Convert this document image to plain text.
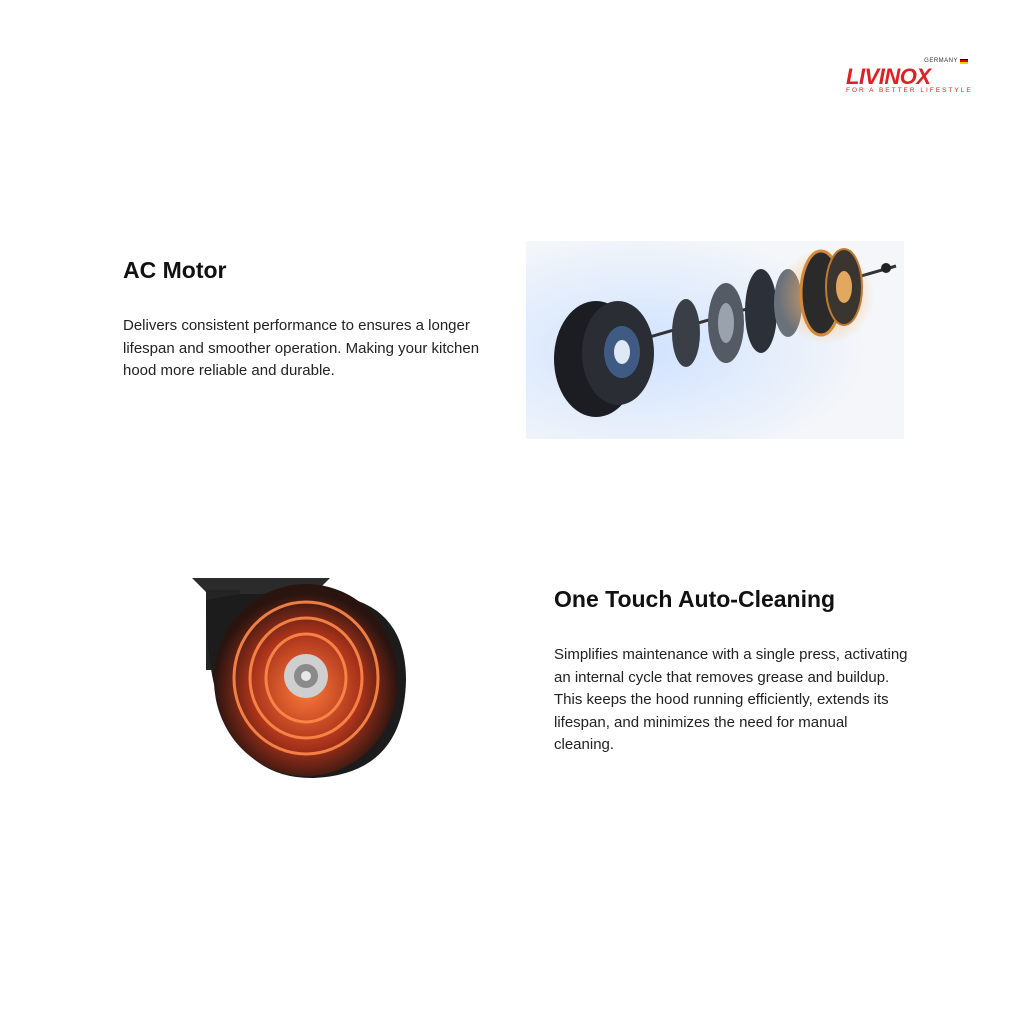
GERMANY
LIVINOX
FOR A BETTER LIFESTYLE
AC Motor

Delivers consistent performance to ensures a longer lifespan and smoother operation. Making your kitchen hood more reliable and durable.

One Touch Auto-Cleaning

Simplifies maintenance with a single press, activating an internal cycle that removes grease and buildup. This keeps the hood running efficiently, extends its lifespan, and minimizes the need for manual cleaning.
